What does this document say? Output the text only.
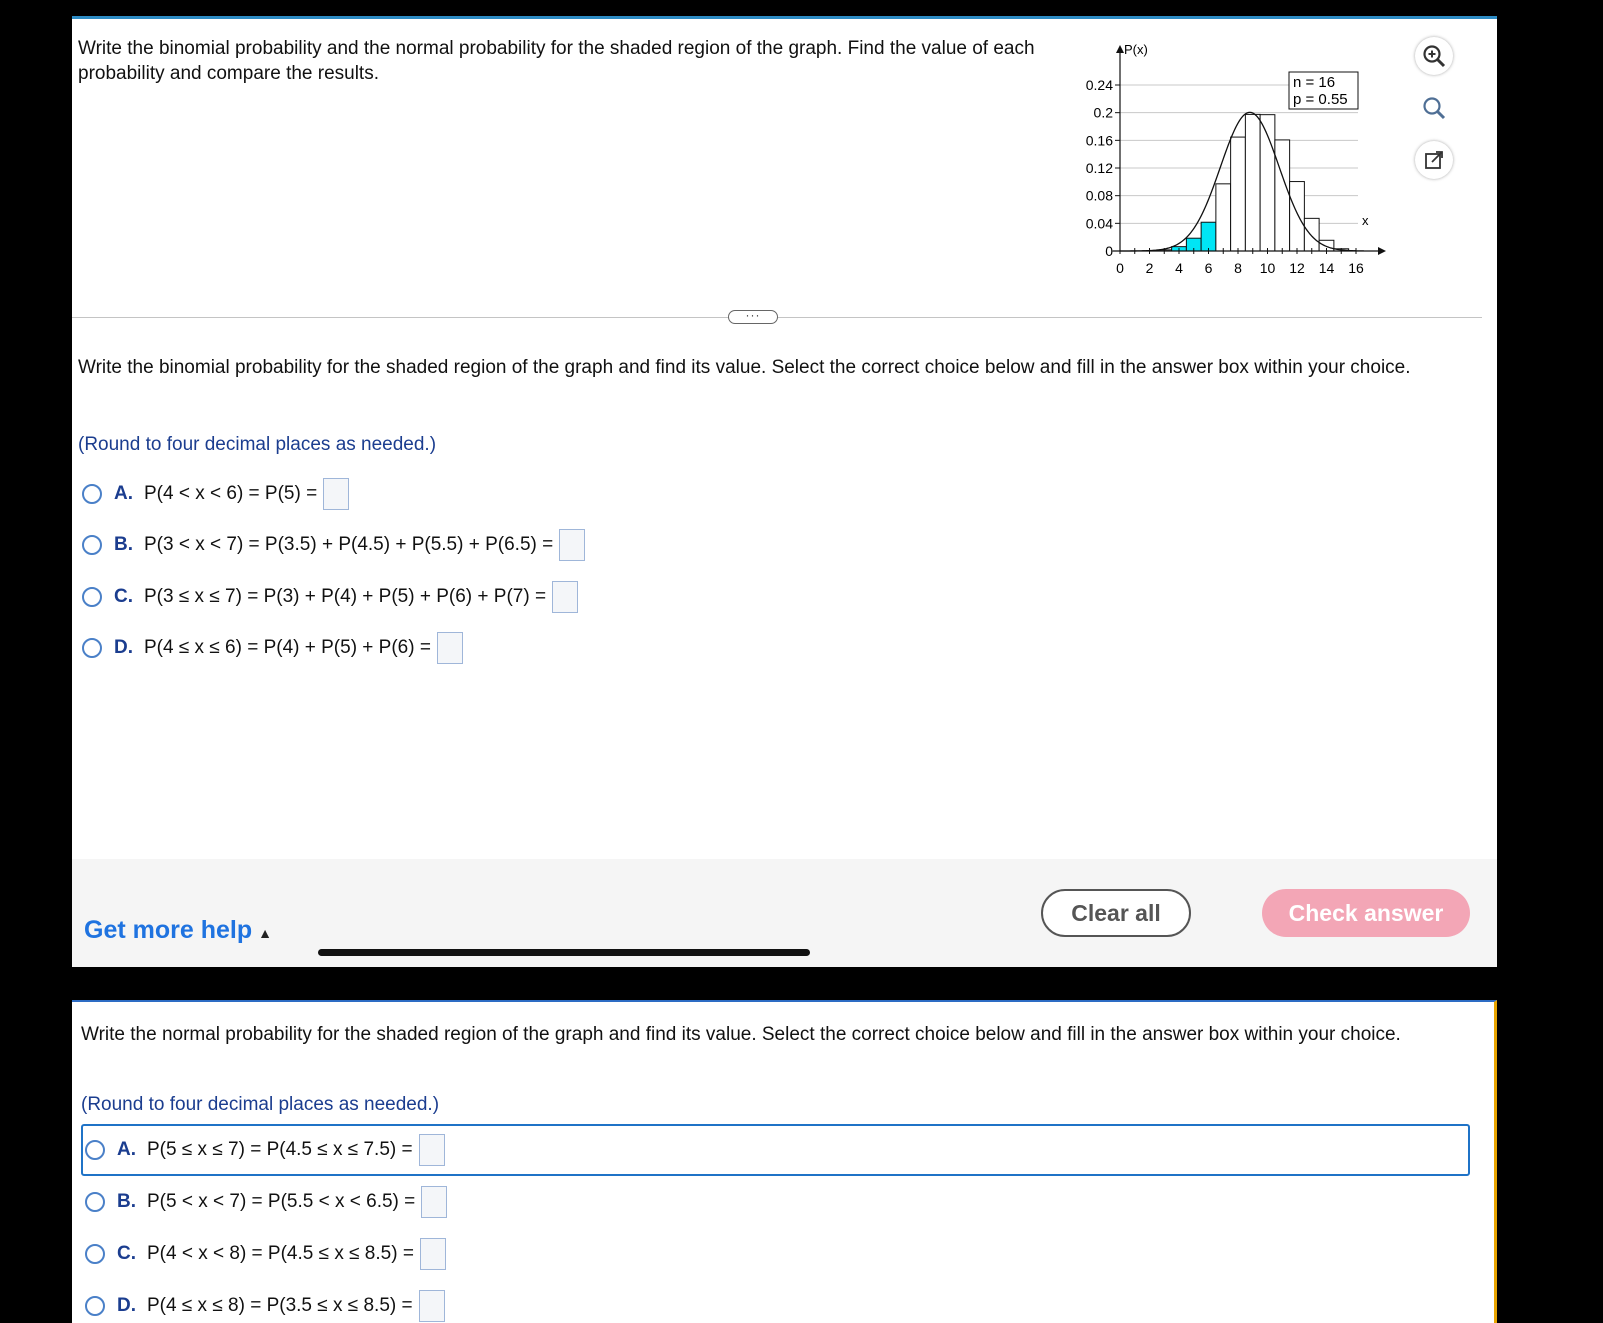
Write the binomial probability and the normal probability for the shaded region of the graph. Find the value of each probability and compare the results.
0.24
0.2
0.16
0.12
0.08
0.04
0
0 2 4 6 8 10 12 14 16
P(x)
x
n = 16
p = 0.55
···
Write the binomial probability for the shaded region of the graph and find its value. Select the correct choice below and fill in the answer box within your choice.
(Round to four decimal places as needed.)
A. P(4 < x < 6) = P(5) =
B. P(3 < x < 7) = P(3.5) + P(4.5) + P(5.5) + P(6.5) =
C. P(3 ≤ x ≤ 7) = P(3) + P(4) + P(5) + P(6) + P(7) =
D. P(4 ≤ x ≤ 6) = P(4) + P(5) + P(6) =
Get more help ▲
Clear all	Check answer
Write the normal probability for the shaded region of the graph and find its value. Select the correct choice below and fill in the answer box within your choice.
(Round to four decimal places as needed.)
A. P(5 ≤ x ≤ 7) = P(4.5 ≤ x ≤ 7.5) =
B. P(5 < x < 7) = P(5.5 < x < 6.5) =
C. P(4 < x < 8) = P(4.5 ≤ x ≤ 8.5) =
D. P(4 ≤ x ≤ 8) = P(3.5 ≤ x ≤ 8.5) =
